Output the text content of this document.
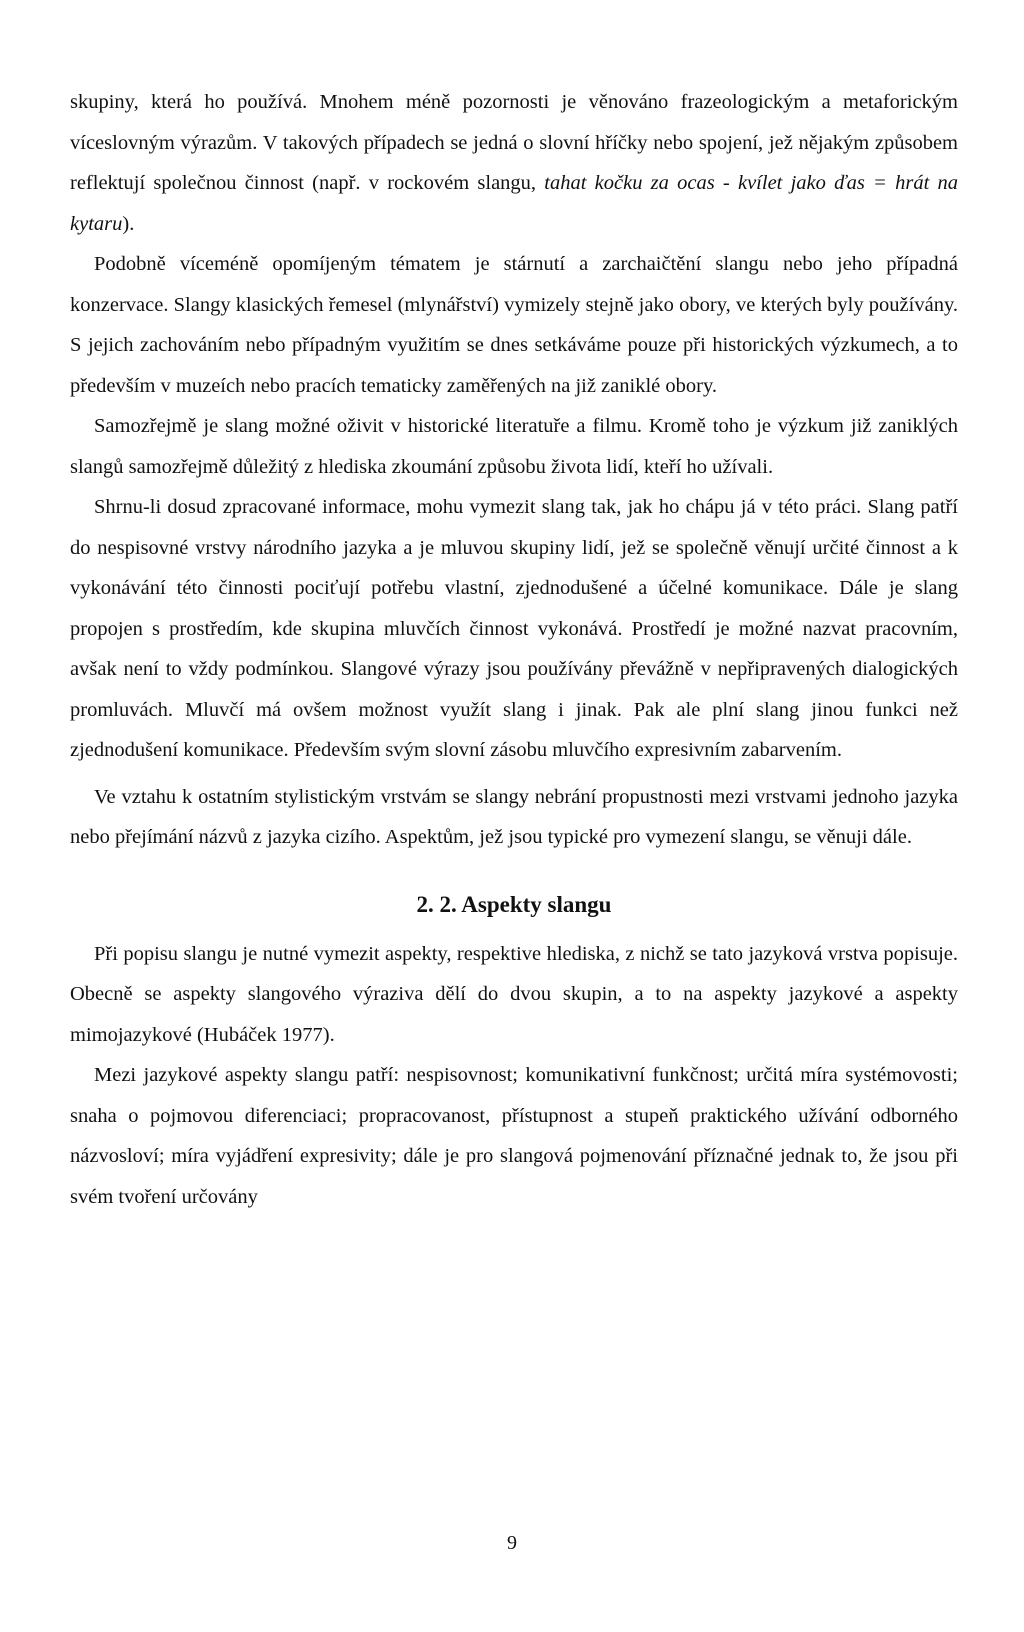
skupiny, která ho používá. Mnohem méně pozornosti je věnováno frazeologickým a metaforickým víceslovným výrazům. V takových případech se jedná o slovní hříčky nebo spojení, jež nějakým způsobem reflektují společnou činnost (např. v rockovém slangu, tahat kočku za ocas - kvílet jako ďas = hrát na kytaru).

Podobně víceméně opomíjeným tématem je stárnutí a zarchaičtění slangu nebo jeho případná konzervace. Slangy klasických řemesel (mlynářství) vymizely stejně jako obory, ve kterých byly používány. S jejich zachováním nebo případným využitím se dnes setkáváme pouze při historických výzkumech, a to především v muzeích nebo pracích tematicky zaměřených na již zaniklé obory.

Samozřejmě je slang možné oživit v historické literatuře a filmu. Kromě toho je výzkum již zaniklých slangů samozřejmě důležitý z hlediska zkoumání způsobu života lidí, kteří ho užívali.

Shrnu-li dosud zpracované informace, mohu vymezit slang tak, jak ho chápu já v této práci. Slang patří do nespisovné vrstvy národního jazyka a je mluvou skupiny lidí, jež se společně věnují určité činnost a k vykonávání této činnosti pociťují potřebu vlastní, zjednodušené a účelné komunikace. Dále je slang propojen s prostředím, kde skupina mluvčích činnost vykonává. Prostředí je možné nazvat pracovním, avšak není to vždy podmínkou. Slangové výrazy jsou používány převážně v nepřipravených dialogických promluvách. Mluvčí má ovšem možnost využít slang i jinak. Pak ale plní slang jinou funkci než zjednodušení komunikace. Především svým slovní zásobu mluvčího expresivním zabarvením.

Ve vztahu k ostatním stylistickým vrstvám se slangy nebrání propustnosti mezi vrstvami jednoho jazyka nebo přejímání názvů z jazyka cizího. Aspektům, jež jsou typické pro vymezení slangu, se věnuji dále.

2. 2. Aspekty slangu

Při popisu slangu je nutné vymezit aspekty, respektive hlediska, z nichž se tato jazyková vrstva popisuje. Obecně se aspekty slangového výraziva dělí do dvou skupin, a to na aspekty jazykové a aspekty mimojazykové (Hubáček 1977).

Mezi jazykové aspekty slangu patří: nespisovnost; komunikativní funkčnost; určitá míra systémovosti; snaha o pojmovou diferenciaci; propracovanost, přístupnost a stupeň praktického užívání odborného názvosloví; míra vyjádření expresivity; dále je pro slangová pojmenování příznačné jednak to, že jsou při svém tvoření určovány

9
